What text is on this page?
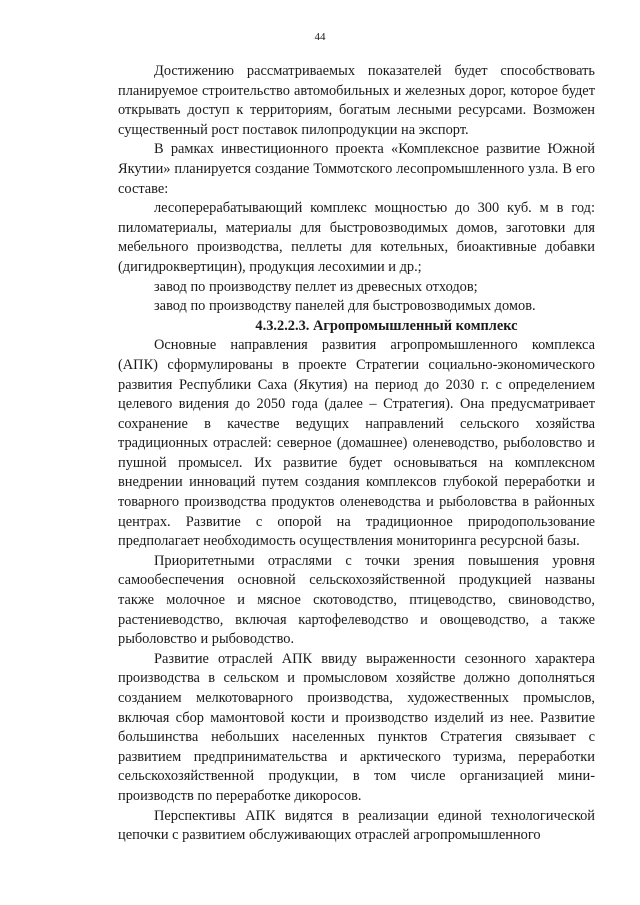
44

Достижению рассматриваемых показателей будет способствовать планируемое строительство автомобильных и железных дорог, которое будет открывать доступ к территориям, богатым лесными ресурсами. Возможен существенный рост поставок пилопродукции на экспорт.

В рамках инвестиционного проекта «Комплексное развитие Южной Якутии» планируется создание Томмотского лесопромышленного узла. В его составе:

лесоперерабатывающий комплекс мощностью до 300 куб. м в год: пиломатериалы, материалы для быстровозводимых домов, заготовки для мебельного производства, пеллеты для котельных, биоактивные добавки (дигидроквертицин), продукция лесохимии и др.;

завод по производству пеллет из древесных отходов;

завод по производству панелей для быстровозводимых домов.

4.3.2.2.3. Агропромышленный комплекс

Основные направления развития агропромышленного комплекса (АПК) сформулированы в проекте Стратегии социально-экономического развития Республики Саха (Якутия) на период до 2030 г. с определением целевого видения до 2050 года (далее – Стратегия). Она предусматривает сохранение в качестве ведущих направлений сельского хозяйства традиционных отраслей: северное (домашнее) оленеводство, рыболовство и пушной промысел. Их развитие будет основываться на комплексном внедрении инноваций путем создания комплексов глубокой переработки и товарного производства продуктов оленеводства и рыболовства в районных центрах. Развитие с опорой на традиционное природопользование предполагает необходимость осуществления мониторинга ресурсной базы.

Приоритетными отраслями с точки зрения повышения уровня самообеспечения основной сельскохозяйственной продукцией названы также молочное и мясное скотоводство, птицеводство, свиноводство, растениеводство, включая картофелеводство и овощеводство, а также рыболовство и рыбоводство.

Развитие отраслей АПК ввиду выраженности сезонного характера производства в сельском и промысловом хозяйстве должно дополняться созданием мелкотоварного производства, художественных промыслов, включая сбор мамонтовой кости и производство изделий из нее. Развитие большинства небольших населенных пунктов Стратегия связывает с развитием предпринимательства и арктического туризма, переработки сельскохозяйственной продукции, в том числе организацией мини-производств по переработке дикоросов.

Перспективы АПК видятся в реализации единой технологической цепочки с развитием обслуживающих отраслей агропромышленного
